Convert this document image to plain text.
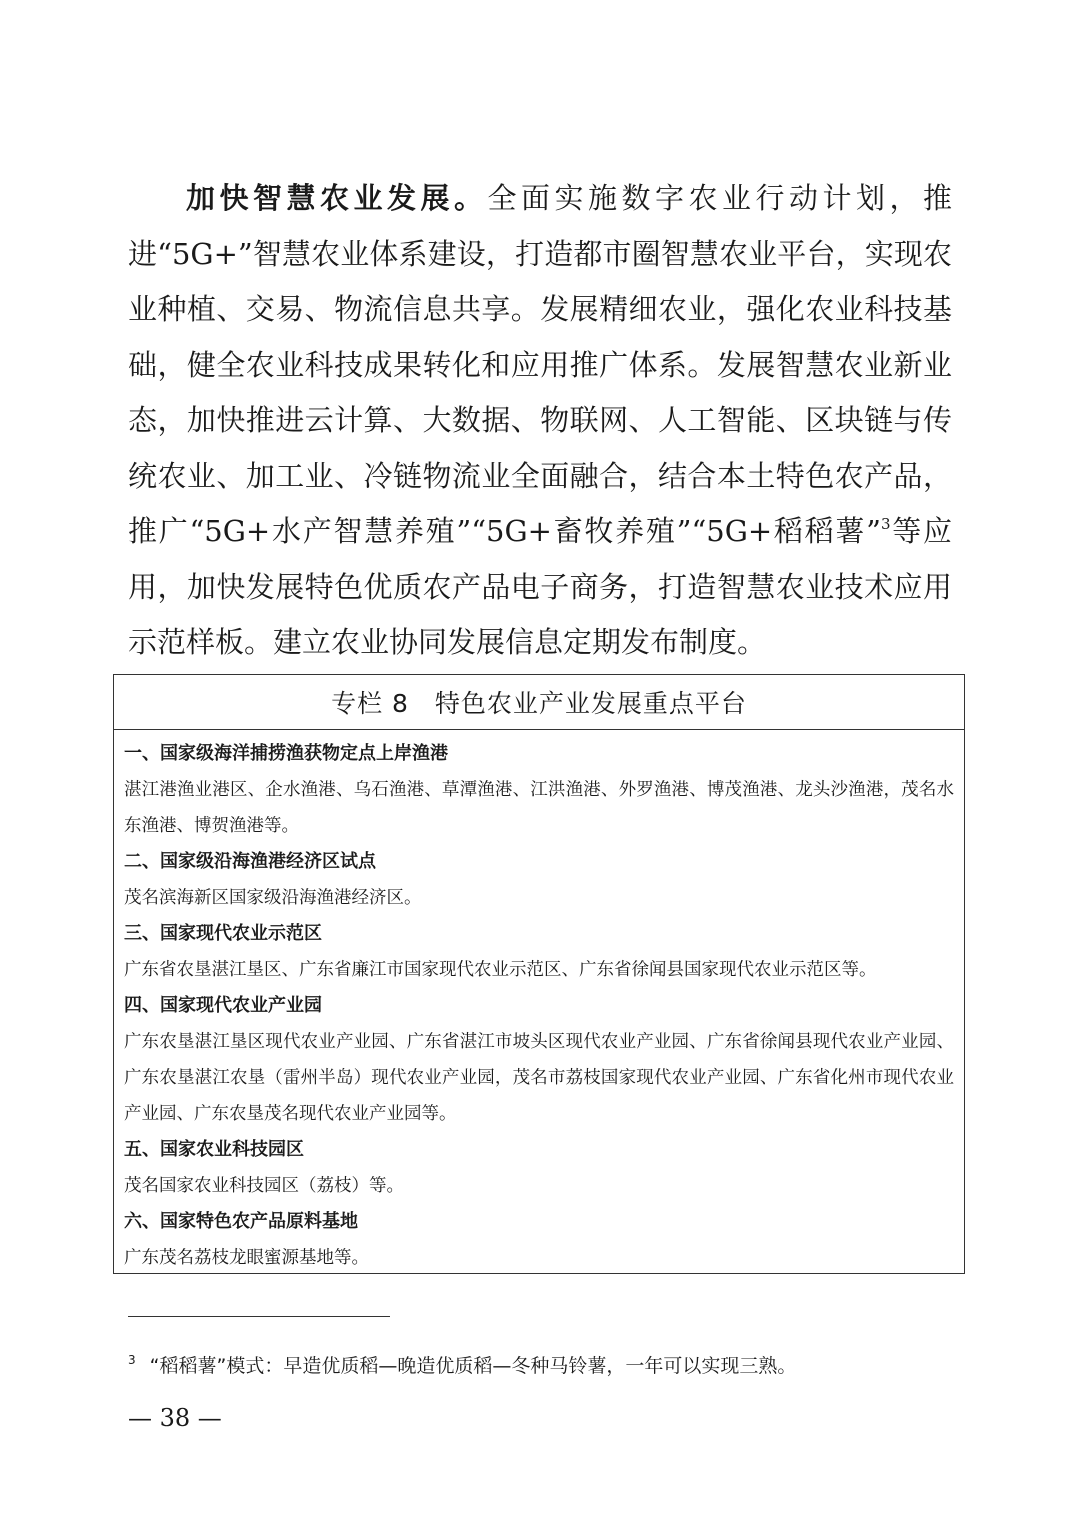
加快智慧农业发展。全面实施数字农业行动计划，推进“5G+”智慧农业体系建设，打造都市圈智慧农业平台，实现农业种植、交易、物流信息共享。发展精细农业，强化农业科技基础，健全农业科技成果转化和应用推广体系。发展智慧农业新业态，加快推进云计算、大数据、物联网、人工智能、区块链与传统农业、加工业、冷链物流业全面融合，结合本土特色农产品，推广“5G+水产智慧养殖”“5G+畜牧养殖”“5G+稻稻薯”$^3$等应用，加快发展特色优质农产品电子商务，打造智慧农业技术应用示范样板。建立农业协同发展信息定期发布制度。

专栏 8 特色农业产业发展重点平台
一、国家级海洋捕捞渔获物定点上岸渔港
湛江港渔业港区、企水渔港、乌石渔港、草潭渔港、江洪渔港、外罗渔港、博茂渔港、龙头沙渔港，茂名水东渔港、博贺渔港等。
二、国家级沿海渔港经济区试点
茂名滨海新区国家级沿海渔港经济区。
三、国家现代农业示范区
广东省农垦湛江垦区、广东省廉江市国家现代农业示范区、广东省徐闻县国家现代农业示范区等。
四、国家现代农业产业园
广东农垦湛江垦区现代农业产业园、广东省湛江市坡头区现代农业产业园、广东省徐闻县现代农业产业园、广东农垦湛江农垦（雷州半岛）现代农业产业园，茂名市荔枝国家现代农业产业园、广东省化州市现代农业产业园、广东农垦茂名现代农业产业园等。
五、国家农业科技园区
茂名国家农业科技园区（荔枝）等。
六、国家特色农产品原料基地
广东茂名荔枝龙眼蜜源基地等。
$^3$ “稻稻薯”模式：早造优质稻—晚造优质稻—冬种马铃薯，一年可以实现三熟。
— 38 —
